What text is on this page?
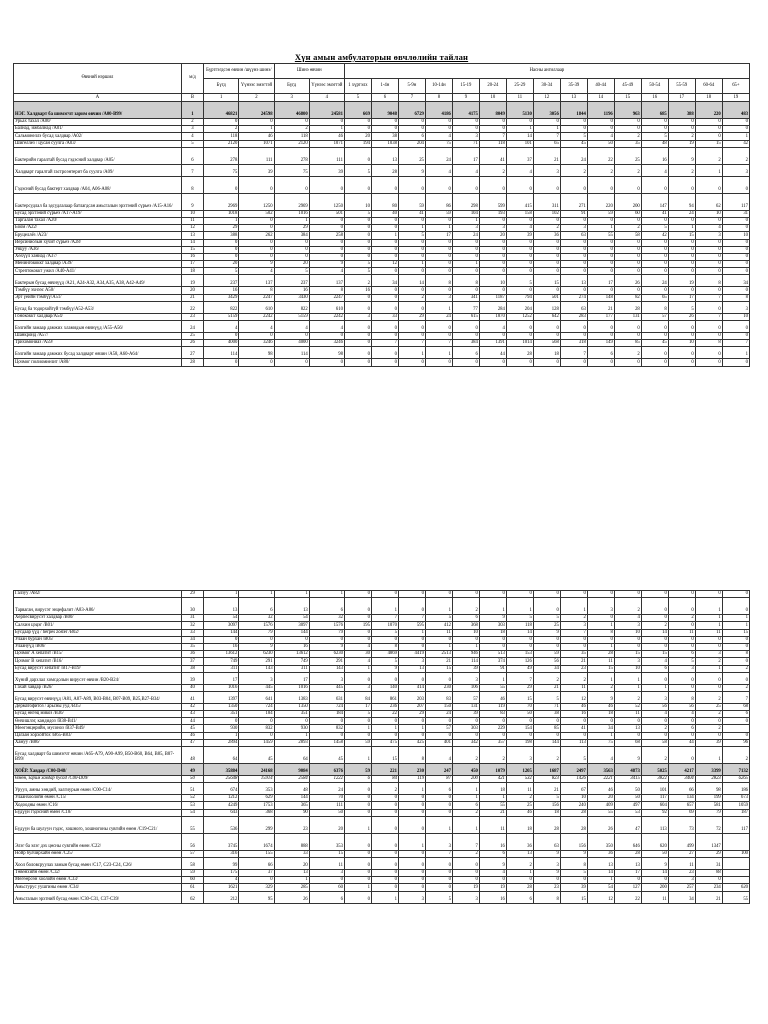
Хүн амын амбулаторын өвчлөлийн тайлан
Өвчний нэршил	м/д	Бүртгэгдсэн өвчин /шүүнэ шинэ/		Шинэ өвчин		Насны ангиллаар														
		Бүгд	Үүнээс эмэгтэй	Бүгд	Үүнээс эмэгтэй	1 хүртэлх	1-4н	5-9н	10-14н	15-19	20-24	25-29	30-34	35-39	40-44	45-49	50-54	55-59	60-64	65+
А	B	1	2	3	4	5	6	7	8	9	10	11	12	13	14	15	16	17	18	19
НЭГ. Халдварт ба шимэгчт зарим өвчин /A00-B99/	1	46821	24598	46800	24581	669	9048	6729	4186	4175	8049	5130	3056	1844	1196	963	685	388	220	483
Урьах тахал /A00/	2	0	0	0	0	0	0	0	0	0	0	0	0	0	0	0	0	0	0	0
Балнад, ижбалнад /A01/	3	2	1	2	1	0	0	0	0	0	0	1	1	0	0	0	0	0	0	0
Сальмонеллэ бусад халдвар /A02/	4	118	46	118	46	20	38	6	4	3	7	14	7	5	4	2	5	2	0	1
Шигеллёз / цусан суулга /A03/	5	2120	1071	2120	1071	194	1038	204	75	71	118	101	65	45	50	35	48	19	15	42
Бактерийн гаралтай бусад гэдэсний халдвар /A05/	6	278	111	278	111	0	13	25	24	17	41	37	21	24	22	25	16	9	2	2
Халдварт гаралтай гастроэнтерит ба суулга /A09/	7	75	39	75	39	5	28	9	4	4	2	4	3	2	2	2	4	2	1	3
Гэдэсний бусад бактерт халдвар /A04, A06-A08/	8	0	0	0	0	0	0	0	0	0	0	0	0	0	0	0	0	0	0	0
Бактерсудлал ба эдсудлалаар батлагдсан амьсгалын эрхтэний сүрьеэ /A15-A16/	9	2969	1250	2969	1250	10	80	59	86	298	599	415	311	271	220	200	147	94	62	117
Бусад эрхтэний сүрьеэ /A17-A19/	10	1018	502	1016	501	5	40	41	59	104	193	158	102	91	59	60	41	24	10	31
Таргалан тахал /A20/	11	1	0	1	0	0	0	0	0	1	0	0	0	0	0	0	0	0	0	0
Боом /A22/	12	29	0	29	0	0	0	1	1	3	3	4	2	3	1	2	5	1	4	0
Бруцеллёз /A23/	13	388	262	384	258	0	1	5	17	24	20	39	36	63	55	58	42	15	3	10
Иерсиниозын хүчит сүрьеэ /A28/	14	0	0	0	0	0	0	0	0	0	0	0	0	0	0	0	0	0	0	0
Уяцуу /A36/	15	0	0	0	0	0	0	0	0	0	0	0	0	0	0	0	0	0	0	0
Хөхүүл ханиад /A37/	16	0	0	0	0	0	0	0	0	0	0	0	0	0	0	0	0	0	0	0
Менингококкт халдвар /A39/	17	20	9	20	9	5	12	1	0	1	0	0	0	0	0	0	0	0	0	0
Стрептококкт ужил /A40-A41/	18	5	4	5	4	5	0	0	0	0	0	0	0	0	0	0	0	0	0	0
Бактерын бусад өвчнүүд /A21, A24-A32, A34,A35, A38, A42-A49/	19	237	137	237	137	2	34	14	8	8	10	5	15	13	17	26	24	19	8	34
Тэмбүү эхнээс A50/	20	16	8	16	8	16	0	0	0	0	0	0	0	0	0	0	0	0	0	0
Эрт үеийн тэмбүү/A51/	21	3429	2247	3430	2247	0	0	2	3	341	1187	794	501	274	148	82	65	17	7	8
Бусад ба тодорхойгүй тэмбүү/A52-A53/	22	822	610	822	610	0	0	0	1	77	284	204	128	63	21	28	8	5	0	3
Гонококкт халдвар/A54/	23	5159	2242	5159	2242	3	33	29	24	615	1870	1252	642	283	177	131	57	26	7	10
Бэлгийн замаар дамжих хламидын өвчнүүд /A55-A56/	24	4	4	4	4	0	0	0	0	0	4	0	0	0	0	0	0	0	0	0
Шанкроид /A57/	25	0	0	0	0	0	0	0	0	0	0	0	0	0	0	0	0	0	0	0
Трихомониаз /A59/	26	4000	3246	4000	3246	0	7	7	7	384	1391	1014	568	318	149	85	45	10	8	7
Бэлгийн замаар дамжих бусад халдварт өвчин /A58, A60-A64/	27	114	98	114	98	0	0	1	1	6	44	28	18	7	6	2	0	0	0	1
Цочмог полиомиелит /A80/	28	0	0	0	0	0	0	0	0	0	0	0	0	0	0	0	0	0	0	0
Галзуу /A82/	29	1	1	1	1	0	0	0	0	0	0	0	0	0	0	0	0	0	0	0
Тарваган, вирусэт энцефалит /A83-A86/	30	13	6	13	6	0	1	0	1	2	1	1	0	1	3	2	0	0	1	0
Херпесвирусэт халдвар /B00/	31	54	32	54	32	0	7	7	5	6	9	5	5	2	0	4	0	2	1	1
Салхин цэцэг /B01/	32	3097	1576	3097	1576	195	1070	595	412	368	303	118	25	3	1	3	2	0	1	1
Бусдаар үүд / herpes zoster /B02/	33	144	79	144	79	0	5	1	11	10	18	14	9	7	8	10	14	11	11	15
Улаан бурхан /B05/	34	0	0	0	0	0	0	0	0	0	0	0	0	0	0	0	0	0	0	0
Улаануүд /B06/	35	16	9	16	9	4	8	0	1	1	0	0	0	0	1	0	0	0	0	0
Цочмог A хепатит /B15/	36	13612	6230	13612	6230	30	4869	4419	2513	946	513	153	59	35	28	15	15	6	3	8
Цочмог B хепатит /B16/	37	749	291	749	291	4	5	3	21	114	374	126	56	21	11	3	4	5	2	0
Бусад вирусэт хепатит /B17-B19/	38	311	143	311	143	1	9	13	15	39	91	49	34	23	15	10	6	3	1	2
Хүний дархлал хомсдолын вирусэт өвчин /B20-B24/	39	17	3	17	3	0	0	0	0	3	1	7	2	2	1	1	0	0	0	0
Гахай хавдар /B26/	40	1016	445	1016	445	3	140	414	230	106	55	29	21	11	2	1	1	0	0	2
Бусад вирусэт өвчнүүд /A81, A87-A89, B03-B04, B07-B09, B25,B27-B34/	41	1397	641	1383	631	84	861	203	83	57	46	15	5	12	9	2	3	8	2	7
Дерматофитоз / арьсны ууд /B35/	42	1350	724	1350	724	17	236	207	150	131	119	70	71	46	46	52	56	56	25	68
Бусад өнгөц микоз /B36/	43	351	184	351	184	5	22	29	24	39	83	50	38	16	18	11	4	4	2	6
Өнчишлэг, кандидоз /B38-B41/	44	0	0	0	0	0	0	0	0	0	0	0	0	0	0	0	0	0	0	0
Мөөгэнцөрийн, мусоноз /B37-B49/	45	930	832	930	832	1	1	1	57	303	229	154	85	41	34	13	2	6	2	
Цагаан хорхойтох /B65-B83/	46	1	0	1	0	0	0	0	0	0	0	0	0	0	1	0	0	0	0	0
Хамуу /B86/	47	2894	1459	2893	1458	59	475	425	401	342	357	198	144	113	75	68	58	44	39	96
Бусад халдварт ба шимэгчт өвчин /A65-A79, A90-A99, B50-B60, B64, B85, B87-B99/	48	64	45	64	45	1	15	8	4	2	2	3	2	5	4	9	2	0	1	2
ХОЁР. Хавдар /C00-D48/	49	35884	24168	9084	6376	59	221	230	247	450	1079	1205	1687	2497	3563	4873	5025	4217	3399	7132
Өмөн, зарим хавдар бусад /C00-D09/	50	25648	15914	2584	1222	6	84	119	87	200	421	532	823	1426	2221	3415	3822	3404	2823	6265
Уруул, амны хөндий, залгиурын өмөн /C00-C14/	51	674	353	48	24	0	2	1	6	1	18	11	21	67	46	50	101	66	98	186
Улаанхоолойн өмөн /C15/	52	1212	629	144	70	0	0	0	0	1	1	2	5	10	20	50	117	134	199	673
Ходоодны өмөн /C16/	53	4249	1753	365	111	0	0	0	0	6	55	25	156	240	409	497	604	657	581	1059
Бүдүүн гэдэсний өмөн /C18/	54	643	368	90	50	0	0	0	0	2	21	46	18	28	55	53	92	69	79	187
Бүдүүн ба шулуун гэдэс, хошного, хошногоны сувгийн өмөн /C19-C21/	55	536	299	23	20	1	0	0	1	1	11	18	28	28	26	47	113	73	72	117
Элэг ба элэг дэх цөсны сувгийн өмөн /C22/	56	3745	1674	888	353	0	0	1	3	7	16	36	63	156	350	646	620	499	1347	
Нойр булчирхайн өмөн /C25/	57	316	155	33	15	0	0	0	7	2	6	13	9	9	36	28	50	27	29	100
Хоол боловсруулах замын бусад өмөн /C17, C23-C24, C26/	58	99	66	20	11	0	0	0	0	0	9	2	3	8	13	13	9	11	31	
Төвөнхийн өмөн /C32/	59	175	37	13	3	0	0	0	0	0	4	1	9	5	14	17	14	23	88	
Мөгөөрсөн хоолойн өмөн /C33/	60	4	0	1	0	0	0	0	0	0	0	0	0	0	1	0	0	3	0	
Амьсгурус уушгины өмөн /C34/	61	1621	329	285	60	1	0	0	0	19	19	28	23	39	54	127	200	257	234	620
Амьсгалын эрхтний бусад өмөн /C30-C31, C37-C39/	62	212	95	26	6	0	1	3	5	3	16	6	8	15	12	22	11	34	21	55
